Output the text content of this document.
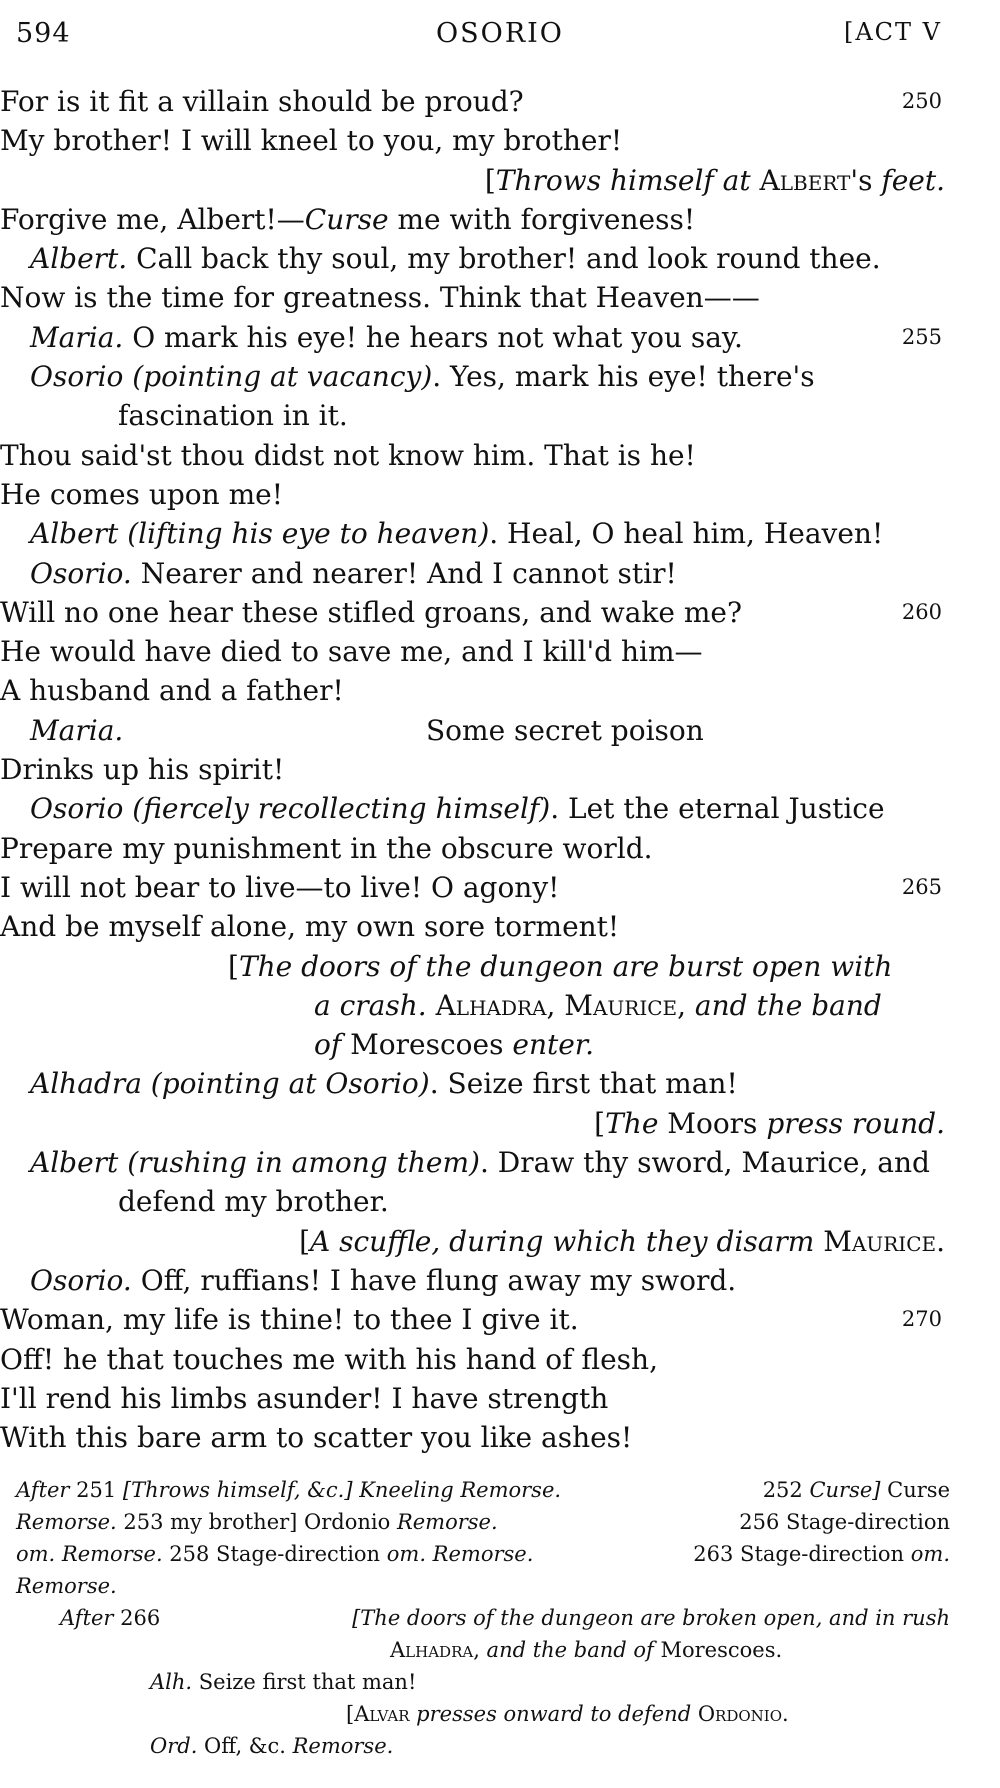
594	OSORIO	[ACT V
For is it fit a villain should be proud?	250
My brother! I will kneel to you, my brother!
[Throws himself at Albert's feet.
Forgive me, Albert!—Curse me with forgiveness!
Albert. Call back thy soul, my brother! and look round thee.
Now is the time for greatness. Think that Heaven——
Maria. O mark his eye! he hears not what you say.	255
Osorio (pointing at vacancy). Yes, mark his eye! there's
fascination in it.
Thou said'st thou didst not know him. That is he!
He comes upon me!
Albert (lifting his eye to heaven). Heal, O heal him, Heaven!
Osorio. Nearer and nearer! And I cannot stir!
Will no one hear these stifled groans, and wake me?	260
He would have died to save me, and I kill'd him—
A husband and a father!
Maria.	Some secret poison
Drinks up his spirit!
Osorio (fiercely recollecting himself). Let the eternal Justice
Prepare my punishment in the obscure world.
I will not bear to live—to live! O agony!	265
And be myself alone, my own sore torment!
[The doors of the dungeon are burst open with
a crash. Alhadra, Maurice, and the band
of Morescoes enter.
Alhadra (pointing at Osorio). Seize first that man!
[The Moors press round.
Albert (rushing in among them). Draw thy sword, Maurice, and
defend my brother.
[A scuffle, during which they disarm Maurice.
Osorio. Off, ruffians! I have flung away my sword.
Woman, my life is thine! to thee I give it.	270
Off! he that touches me with his hand of flesh,
I'll rend his limbs asunder! I have strength
With this bare arm to scatter you like ashes!
After 251 [Throws himself, &c.] Kneeling Remorse.	252 Curse] Curse
Remorse. 253 my brother] Ordonio Remorse.	256 Stage-direction
om. Remorse. 258 Stage-direction om. Remorse.	263 Stage-direction om.
Remorse.
After 266	[The doors of the dungeon are broken open, and in rush
Alhadra, and the band of Morescoes.
Alh. Seize first that man!
[Alvar presses onward to defend Ordonio.
Ord. Off, &c. Remorse.
